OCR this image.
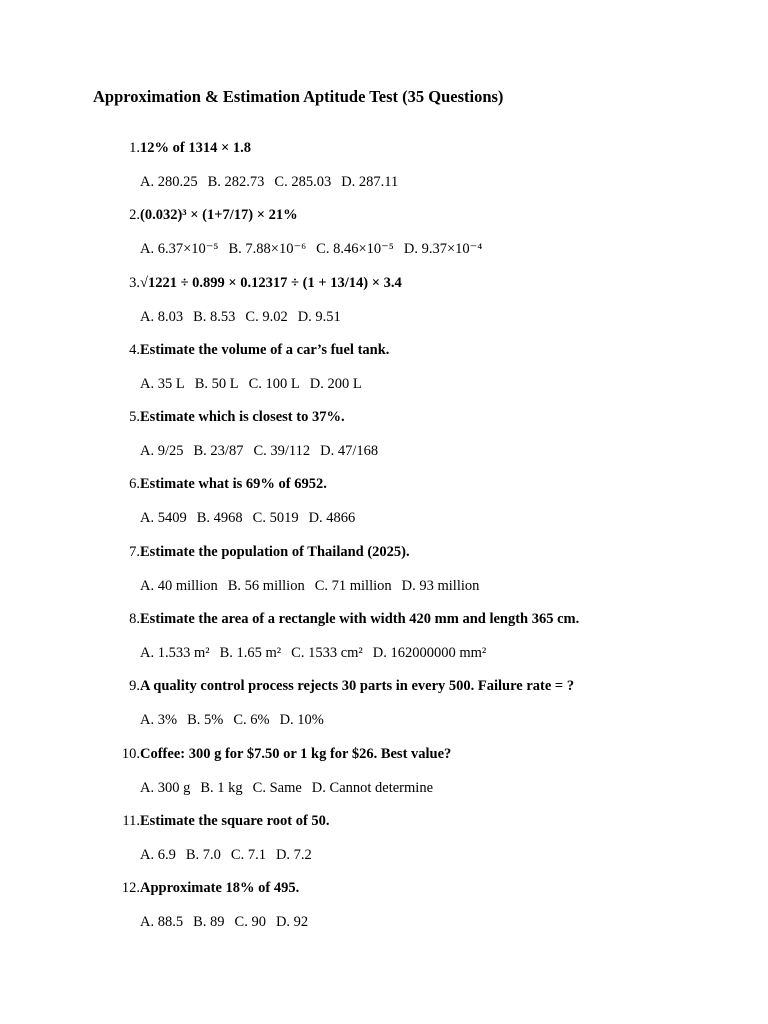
Approximation & Estimation Aptitude Test (35 Questions)
1. 12% of 1314 × 1.8
A. 280.25 B. 282.73 C. 285.03 D. 287.11
2. (0.032)³ × (1+7/17) × 21%
A. 6.37×10⁻⁵ B. 7.88×10⁻⁶ C. 8.46×10⁻⁵ D. 9.37×10⁻⁴
3. √1221 ÷ 0.899 × 0.12317 ÷ (1 + 13/14) × 3.4
A. 8.03 B. 8.53 C. 9.02 D. 9.51
4. Estimate the volume of a car’s fuel tank.
A. 35 L B. 50 L C. 100 L D. 200 L
5. Estimate which is closest to 37%.
A. 9/25 B. 23/87 C. 39/112 D. 47/168
6. Estimate what is 69% of 6952.
A. 5409 B. 4968 C. 5019 D. 4866
7. Estimate the population of Thailand (2025).
A. 40 million B. 56 million C. 71 million D. 93 million
8. Estimate the area of a rectangle with width 420 mm and length 365 cm.
A. 1.533 m² B. 1.65 m² C. 1533 cm² D. 162000000 mm²
9. A quality control process rejects 30 parts in every 500. Failure rate = ?
A. 3% B. 5% C. 6% D. 10%
10. Coffee: 300 g for $7.50 or 1 kg for $26. Best value?
A. 300 g B. 1 kg C. Same D. Cannot determine
11. Estimate the square root of 50.
A. 6.9 B. 7.0 C. 7.1 D. 7.2
12. Approximate 18% of 495.
A. 88.5 B. 89 C. 90 D. 92
